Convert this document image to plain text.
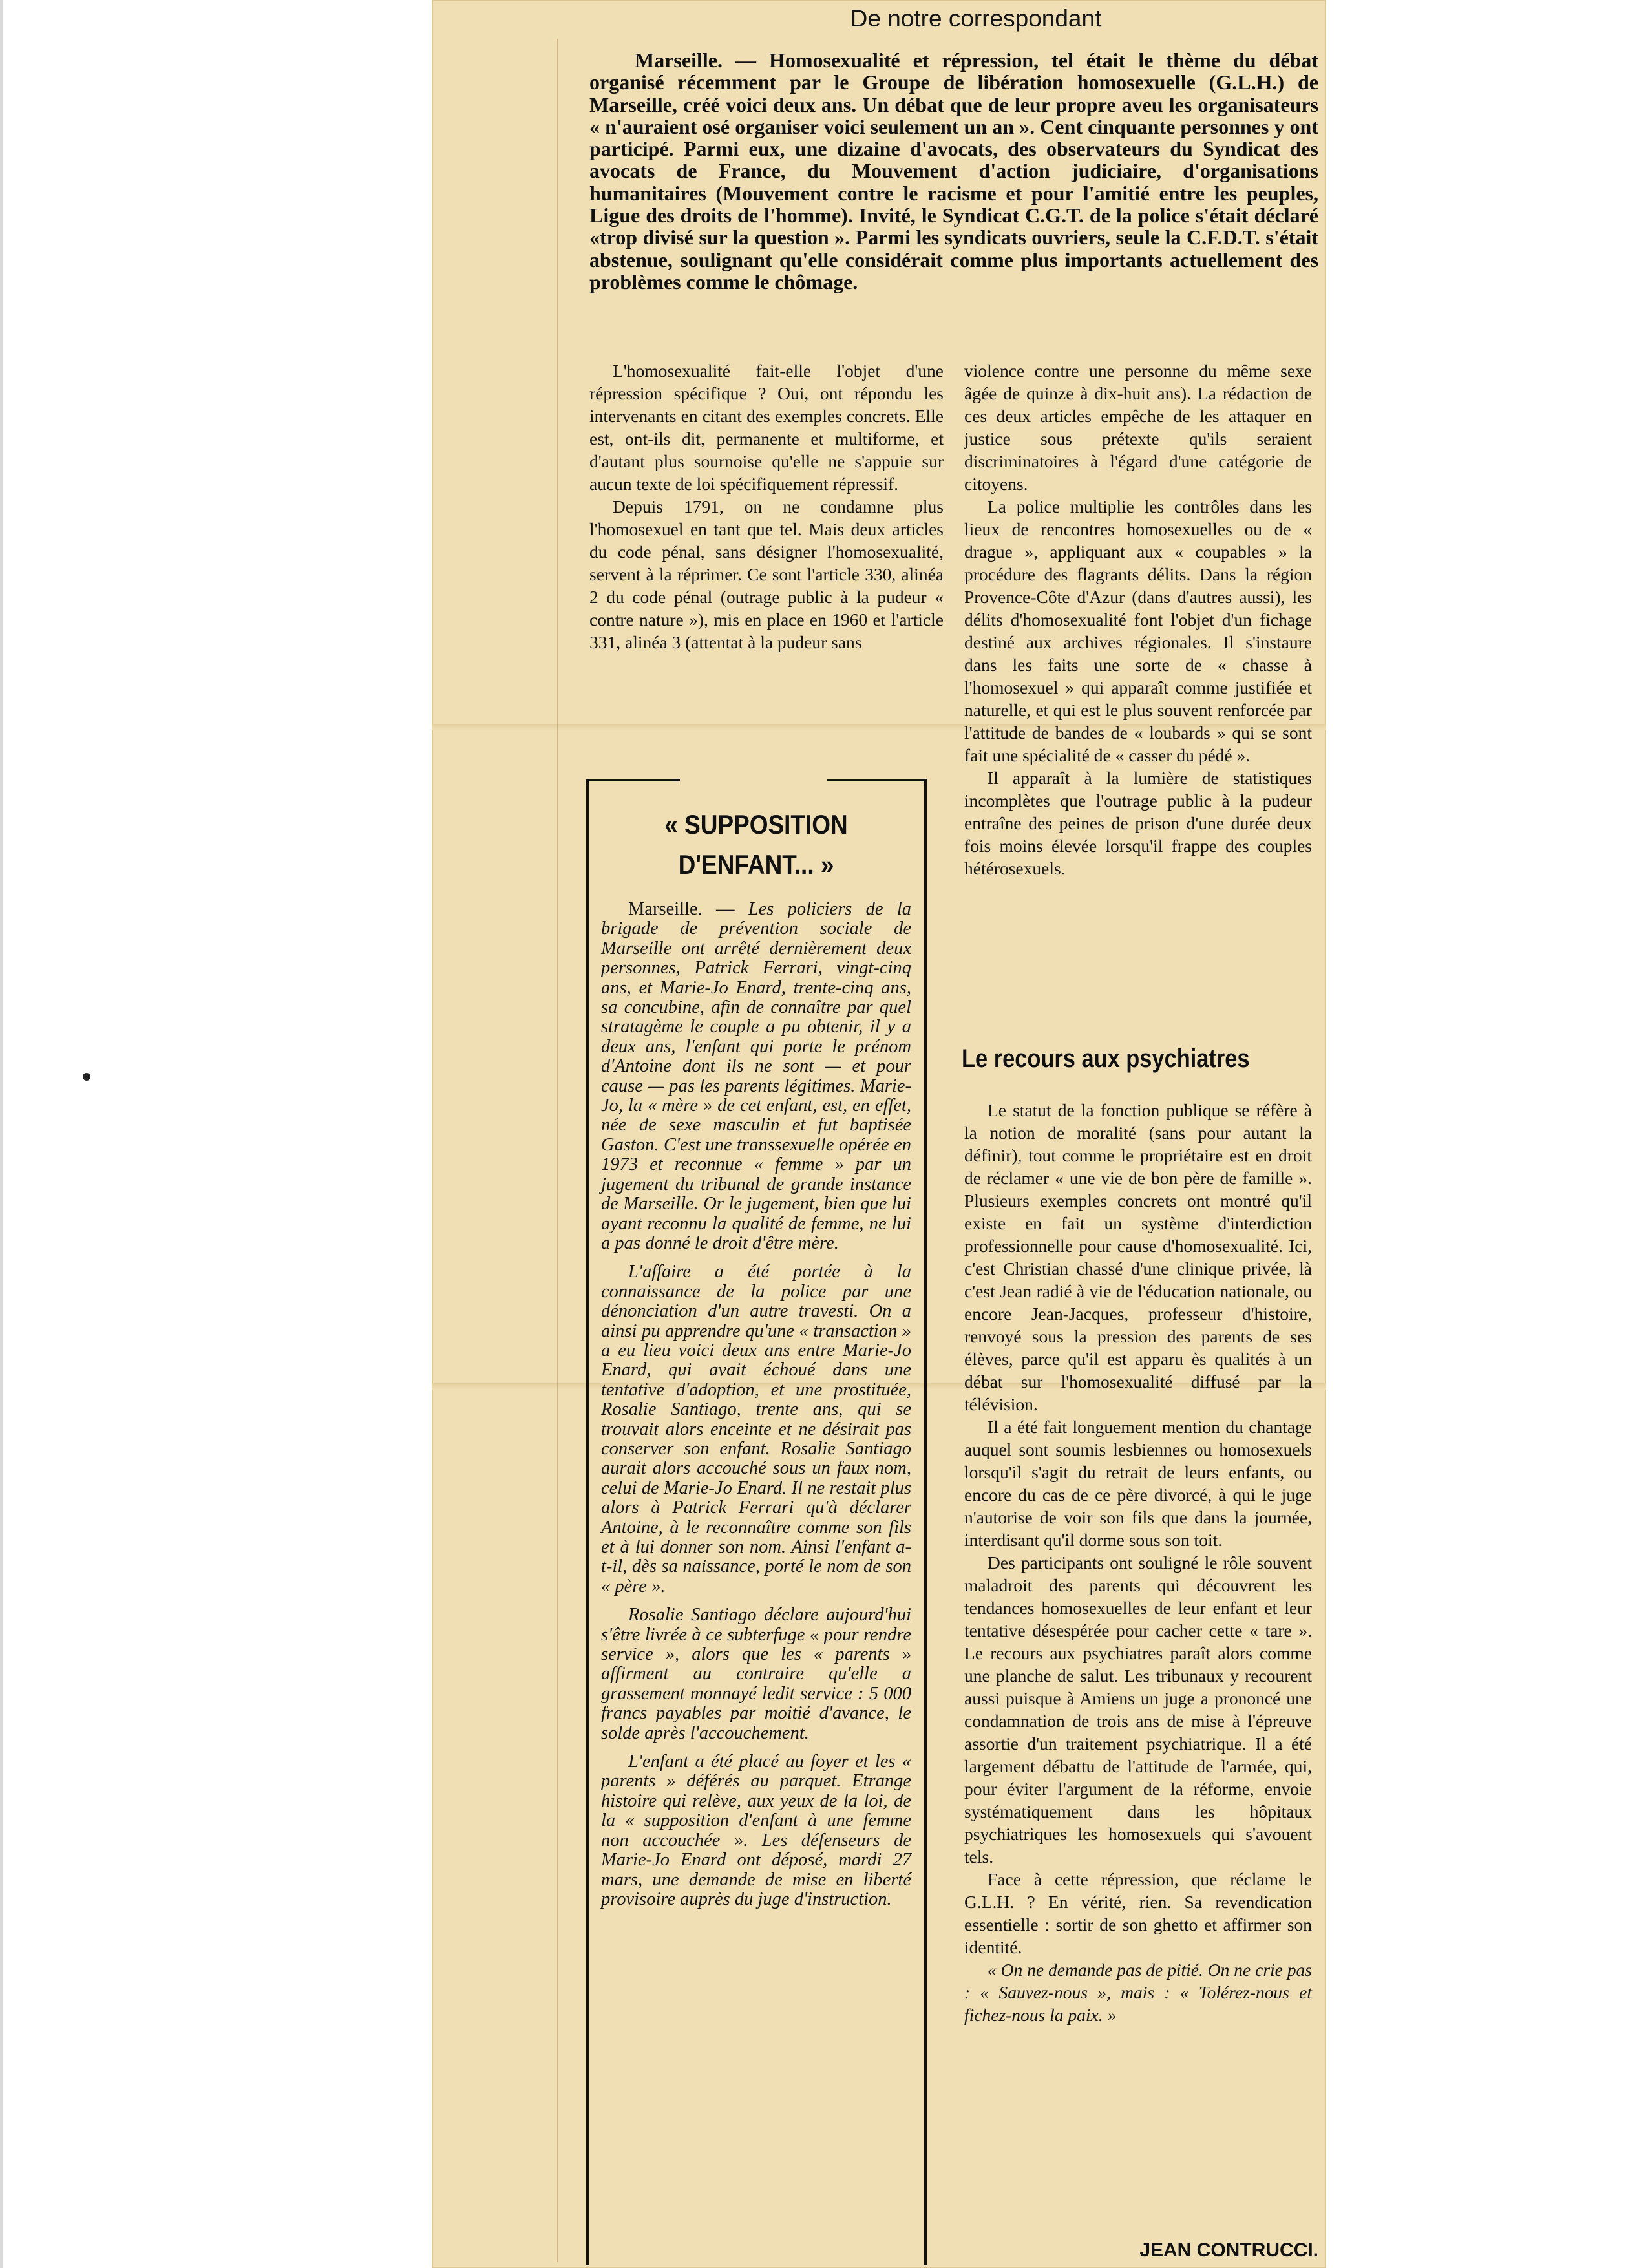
De notre correspondant
Marseille. — Homosexualité et répression, tel était le thème du débat organisé récemment par le Groupe de libération homosexuelle (G.L.H.) de Marseille, créé voici deux ans. Un débat que de leur propre aveu les organisateurs « n'auraient osé organiser voici seulement un an ». Cent cinquante personnes y ont participé. Parmi eux, une dizaine d'avocats, des observateurs du Syndicat des avocats de France, du Mouvement d'action judiciaire, d'organisations humanitaires (Mouvement contre le racisme et pour l'amitié entre les peuples, Ligue des droits de l'homme). Invité, le Syndicat C.G.T. de la police s'était déclaré «trop divisé sur la question ». Parmi les syndicats ouvriers, seule la C.F.D.T. s'était abstenue, soulignant qu'elle considérait comme plus importants actuellement des problèmes comme le chômage.

L'homosexualité fait-elle l'objet d'une répression spécifique ? Oui, ont répondu les intervenants en citant des exemples concrets. Elle est, ont-ils dit, permanente et multiforme, et d'autant plus sournoise qu'elle ne s'appuie sur aucun texte de loi spécifiquement répressif.

Depuis 1791, on ne condamne plus l'homosexuel en tant que tel. Mais deux articles du code pénal, sans désigner l'homosexualité, servent à la réprimer. Ce sont l'article 330, alinéa 2 du code pénal (outrage public à la pudeur « contre nature »), mis en place en 1960 et l'article 331, alinéa 3 (attentat à la pudeur sans

violence contre une personne du même sexe âgée de quinze à dix-huit ans). La rédaction de ces deux articles empêche de les attaquer en justice sous prétexte qu'ils seraient discriminatoires à l'égard d'une catégorie de citoyens.

La police multiplie les contrôles dans les lieux de rencontres homosexuelles ou de « drague », appliquant aux « coupables » la procédure des flagrants délits. Dans la région Provence-Côte d'Azur (dans d'autres aussi), les délits d'homosexualité font l'objet d'un fichage destiné aux archives régionales. Il s'instaure dans les faits une sorte de « chasse à l'homosexuel » qui apparaît comme justifiée et naturelle, et qui est le plus souvent renforcée par l'attitude de bandes de « loubards » qui se sont fait une spécialité de « casser du pédé ».

Il apparaît à la lumière de statistiques incomplètes que l'outrage public à la pudeur entraîne des peines de prison d'une durée deux fois moins élevée lorsqu'il frappe des couples hétérosexuels.

Le recours aux psychiatres

Le statut de la fonction publique se réfère à la notion de moralité (sans pour autant la définir), tout comme le propriétaire est en droit de réclamer « une vie de bon père de famille ». Plusieurs exemples concrets ont montré qu'il existe en fait un système d'interdiction professionnelle pour cause d'homosexualité. Ici, c'est Christian chassé d'une clinique privée, là c'est Jean radié à vie de l'éducation nationale, ou encore Jean-Jacques, professeur d'histoire, renvoyé sous la pression des parents de ses élèves, parce qu'il est apparu ès qualités à un débat sur l'homosexualité diffusé par la télévision.

Il a été fait longuement mention du chantage auquel sont soumis lesbiennes ou homosexuels lorsqu'il s'agit du retrait de leurs enfants, ou encore du cas de ce père divorcé, à qui le juge n'autorise de voir son fils que dans la journée, interdisant qu'il dorme sous son toit.

Des participants ont souligné le rôle souvent maladroit des parents qui découvrent les tendances homosexuelles de leur enfant et leur tentative désespérée pour cacher cette « tare ». Le recours aux psychiatres paraît alors comme une planche de salut. Les tribunaux y recourent aussi puisque à Amiens un juge a prononcé une condamnation de trois ans de mise à l'épreuve assortie d'un traitement psychiatrique. Il a été largement débattu de l'attitude de l'armée, qui, pour éviter l'argument de la réforme, envoie systématiquement dans les hôpitaux psychiatriques les homosexuels qui s'avouent tels.

Face à cette répression, que réclame le G.L.H. ? En vérité, rien. Sa revendication essentielle : sortir de son ghetto et affirmer son identité.

« On ne demande pas de pitié. On ne crie pas : « Sauvez-nous », mais : « Tolérez-nous et fichez-nous la paix. »

JEAN CONTRUCCI.
« SUPPOSITION
D'ENFANT... »

Marseille. — Les policiers de la brigade de prévention sociale de Marseille ont arrêté dernièrement deux personnes, Patrick Ferrari, vingt-cinq ans, et Marie-Jo Enard, trente-cinq ans, sa concubine, afin de connaître par quel stratagème le couple a pu obtenir, il y a deux ans, l'enfant qui porte le prénom d'Antoine dont ils ne sont — et pour cause — pas les parents légitimes. Marie-Jo, la « mère » de cet enfant, est, en effet, née de sexe masculin et fut baptisée Gaston. C'est une transsexuelle opérée en 1973 et reconnue « femme » par un jugement du tribunal de grande instance de Marseille. Or le jugement, bien que lui ayant reconnu la qualité de femme, ne lui a pas donné le droit d'être mère.

L'affaire a été portée à la connaissance de la police par une dénonciation d'un autre travesti. On a ainsi pu apprendre qu'une « transaction » a eu lieu voici deux ans entre Marie-Jo Enard, qui avait échoué dans une tentative d'adoption, et une prostituée, Rosalie Santiago, trente ans, qui se trouvait alors enceinte et ne désirait pas conserver son enfant. Rosalie Santiago aurait alors accouché sous un faux nom, celui de Marie-Jo Enard. Il ne restait plus alors à Patrick Ferrari qu'à déclarer Antoine, à le reconnaître comme son fils et à lui donner son nom. Ainsi l'enfant a-t-il, dès sa naissance, porté le nom de son « père ».

Rosalie Santiago déclare aujourd'hui s'être livrée à ce subterfuge « pour rendre service », alors que les « parents » affirment au contraire qu'elle a grassement monnayé ledit service : 5 000 francs payables par moitié d'avance, le solde après l'accouchement.

L'enfant a été placé au foyer et les « parents » déférés au parquet. Etrange histoire qui relève, aux yeux de la loi, de la « supposition d'enfant à une femme non accouchée ». Les défenseurs de Marie-Jo Enard ont déposé, mardi 27 mars, une demande de mise en liberté provisoire auprès du juge d'instruction.
